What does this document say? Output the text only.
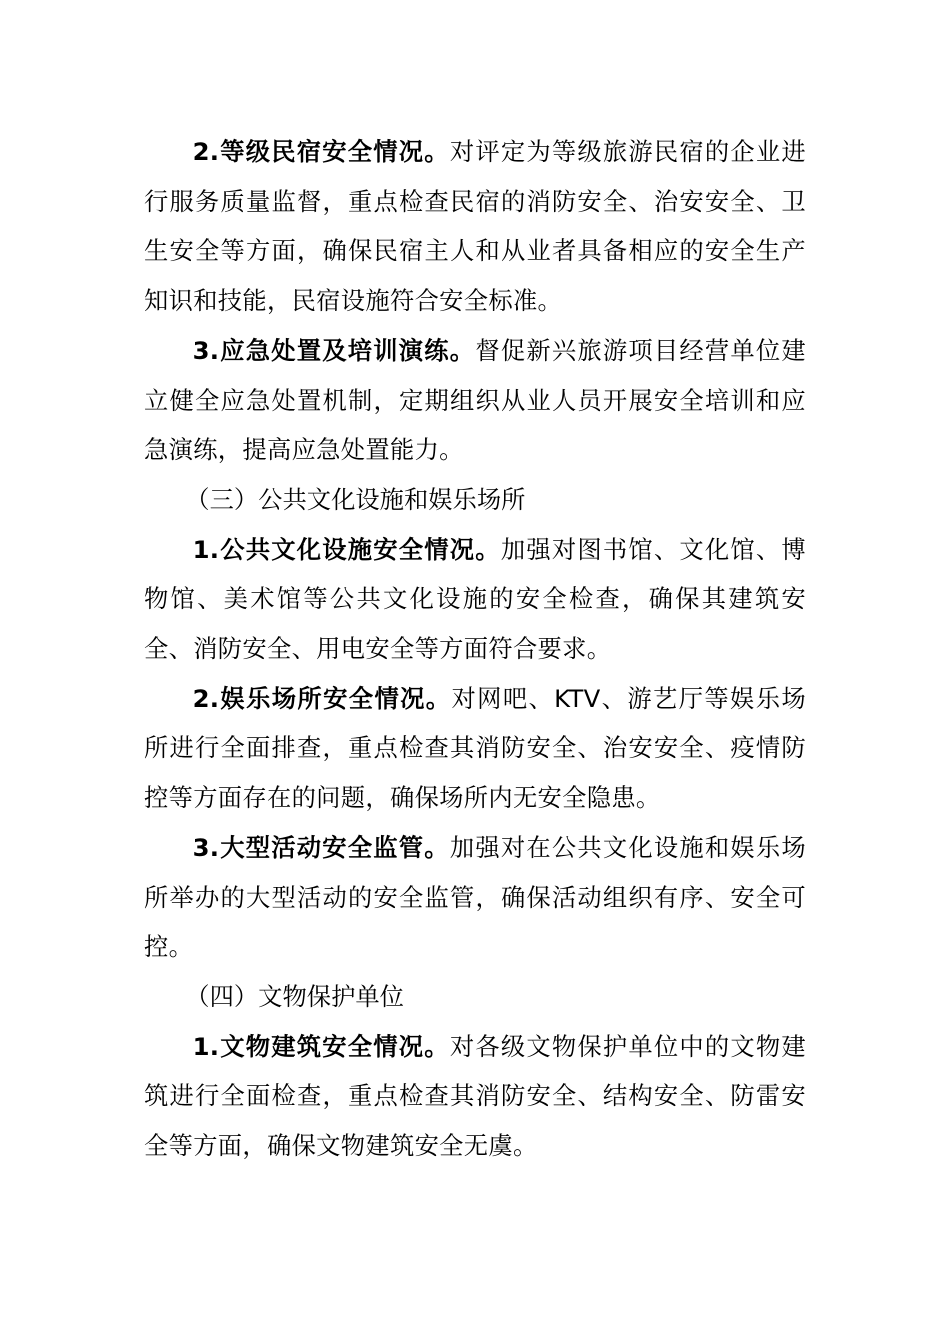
2.等级民宿安全情况。对评定为等级旅游民宿的企业进行服务质量监督，重点检查民宿的消防安全、治安安全、卫生安全等方面，确保民宿主人和从业者具备相应的安全生产知识和技能，民宿设施符合安全标准。

3.应急处置及培训演练。督促新兴旅游项目经营单位建立健全应急处置机制，定期组织从业人员开展安全培训和应急演练，提高应急处置能力。

（三）公共文化设施和娱乐场所

1.公共文化设施安全情况。加强对图书馆、文化馆、博物馆、美术馆等公共文化设施的安全检查，确保其建筑安全、消防安全、用电安全等方面符合要求。

2.娱乐场所安全情况。对网吧、KTV、游艺厅等娱乐场所进行全面排查，重点检查其消防安全、治安安全、疫情防控等方面存在的问题，确保场所内无安全隐患。

3.大型活动安全监管。加强对在公共文化设施和娱乐场所举办的大型活动的安全监管，确保活动组织有序、安全可控。

（四）文物保护单位

1.文物建筑安全情况。对各级文物保护单位中的文物建筑进行全面检查，重点检查其消防安全、结构安全、防雷安全等方面，确保文物建筑安全无虞。
